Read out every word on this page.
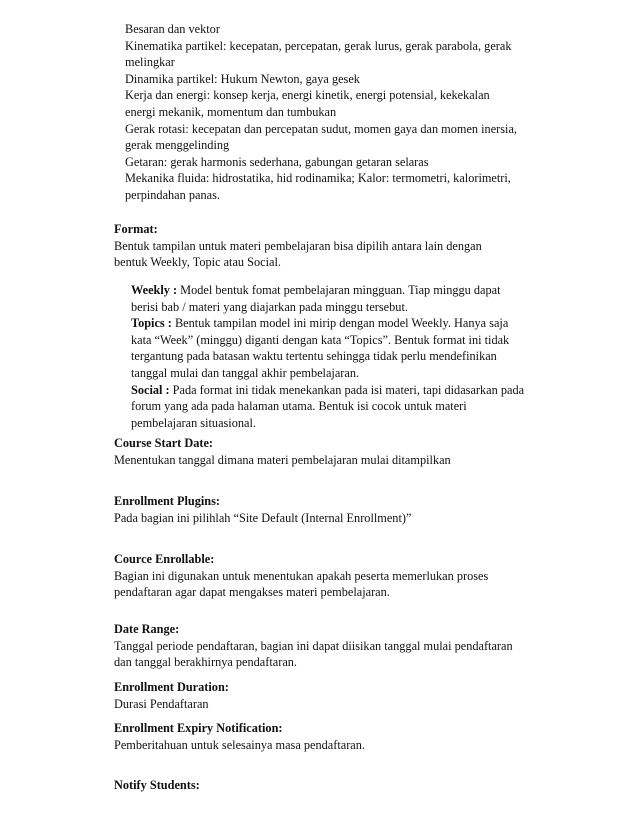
Besaran dan vektor
Kinematika partikel: kecepatan, percepatan, gerak lurus, gerak parabola, gerak
melingkar
Dinamika partikel: Hukum Newton, gaya gesek
Kerja dan energi: konsep kerja, energi kinetik, energi potensial, kekekalan
energi mekanik, momentum dan tumbukan
Gerak rotasi: kecepatan dan percepatan sudut, momen gaya dan momen inersia,
gerak menggelinding
Getaran: gerak harmonis sederhana, gabungan getaran selaras
Mekanika fluida: hidrostatika, hid rodinamika; Kalor: termometri, kalorimetri,
perpindahan panas.
Format:
Bentuk tampilan untuk materi pembelajaran bisa dipilih antara lain dengan
bentuk Weekly, Topic atau Social.
Weekly : Model bentuk fomat pembelajaran mingguan. Tiap minggu dapat
berisi bab / materi yang diajarkan pada minggu tersebut.
Topics : Bentuk tampilan model ini mirip dengan model Weekly. Hanya saja
kata “Week” (minggu) diganti dengan kata “Topics”. Bentuk format ini tidak
tergantung pada batasan waktu tertentu sehingga tidak perlu mendefinikan
tanggal mulai dan tanggal akhir pembelajaran.
Social : Pada format ini tidak menekankan pada isi materi, tapi didasarkan pada
forum yang ada pada halaman utama. Bentuk isi cocok untuk materi
pembelajaran situasional.
Course Start Date:
Menentukan tanggal dimana materi pembelajaran mulai ditampilkan
Enrollment Plugins:
Pada bagian ini pilihlah “Site Default (Internal Enrollment)”
Cource Enrollable:
Bagian ini digunakan untuk menentukan apakah peserta memerlukan proses
pendaftaran agar dapat mengakses materi pembelajaran.
Date Range:
Tanggal periode pendaftaran, bagian ini dapat diisikan tanggal mulai pendaftaran
dan tanggal berakhirnya pendaftaran.
Enrollment Duration:
Durasi Pendaftaran
Enrollment Expiry Notification:
Pemberitahuan untuk selesainya masa pendaftaran.
Notify Students:
